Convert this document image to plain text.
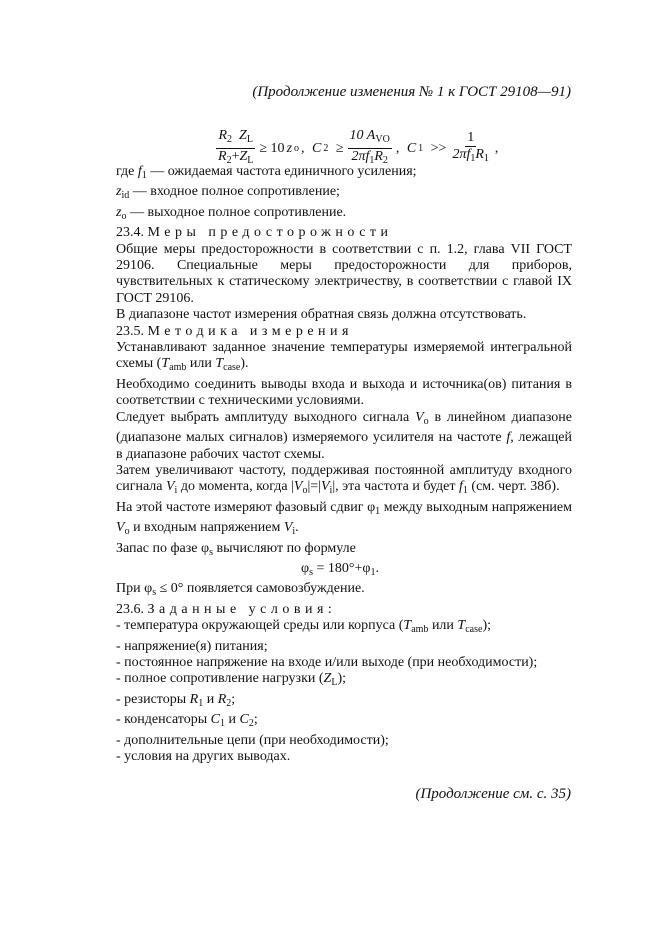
(Продолжение изменения № 1 к ГОСТ 29108—91)
$\frac{R_2 Z_L}{R_2+Z_L} \ge 10$ z o ,
C 2
≥ $\frac{10 A_{VO}}{2\pi f_1R_2}$ ,
C 1
>> $\frac{1}{2\pi f_1R_1}$ ,

где $f_1$ — ожидаемая частота единичного усиления;

$z_{id}$ — входное полное сопротивление;

$z_o$ — выходное полное сопротивление.

23.4. Меры предосторожности

Общие меры предосторожности в соответствии с п. 1.2, глава VII ГОСТ 29106. Специальные меры предосторожности для приборов, чувствительных к статическому электричеству, в соответствии с главой IX ГОСТ 29106.

В диапазоне частот измерения обратная связь должна отсутствовать.

23.5. Методика измерения

Устанавливают заданное значение температуры измеряемой интегральной схемы ($T_{amb}$ или $T_{case}$).

Необходимо соединить выводы входа и выхода и источника(ов) питания в соответствии с техническими условиями.

Следует выбрать амплитуду выходного сигнала $V_o$ в линейном диапазоне (диапазоне малых сигналов) измеряемого усилителя на частоте f, лежащей в диапазоне рабочих частот схемы.

Затем увеличивают частоту, поддерживая постоянной амплитуду входного сигнала $V_i$ до момента, когда $|V_o|=|V_i|$, эта частота и будет $f_1$ (см. черт. 38б).

На этой частоте измеряют фазовый сдвиг $\varphi_1$ между выходным напряжением $V_o$ и входным напряжением $V_i$.

Запас по фазе $\varphi_s$ вычисляют по формуле

$\varphi_s = 180^\circ+\varphi_1$.

При $\varphi_s \le 0^\circ$ появляется самовозбуждение.

23.6. Заданные условия:

- температура окружающей среды или корпуса ($T_{amb}$ или $T_{case}$);

- напряжение(я) питания;

- постоянное напряжение на входе и/или выходе (при необходимости);

- полное сопротивление нагрузки $(Z_L)$;

- резисторы $R_1$ и $R_2$;

- конденсаторы $C_1$ и $C_2$;

- дополнительные цепи (при необходимости);

- условия на других выводах.

(Продолжение см. с. 35)
